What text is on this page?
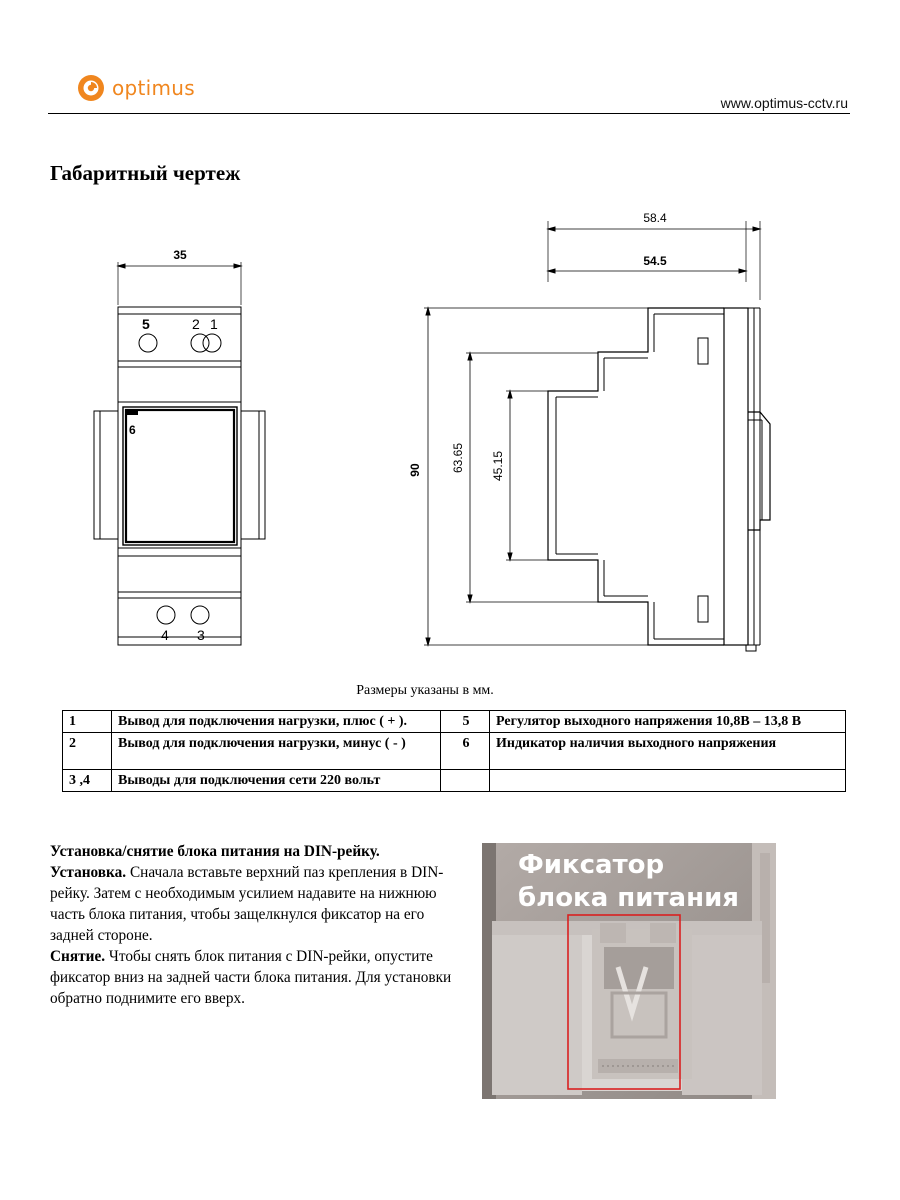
optimus
www.optimus-cctv.ru
Габаритный чертеж
35
58.4
54.5
90 63.65 45.15
5	2 1
6
4 3
Размеры указаны в мм.
1	Вывод для подключения нагрузки, плюс ( + ).	5	Регулятор выходного напряжения 10,8В – 13,8 В
2	Вывод для подключения нагрузки, минус ( - )	6	Индикатор наличия выходного напряжения
3 ,4	Выводы для подключения сети 220 вольт		
Установка/снятие блока питания на DIN-рейку.
Установка. Сначала вставьте верхний паз крепления в DIN-рейку. Затем с необходимым усилием надавите на нижнюю часть блока питания, чтобы защелкнулся фиксатор на его задней стороне.
Снятие. Чтобы снять блок питания с DIN-рейки, опустите фиксатор вниз на задней части блока питания. Для установки обратно поднимите его вверх.
Фиксатор
блока питания
